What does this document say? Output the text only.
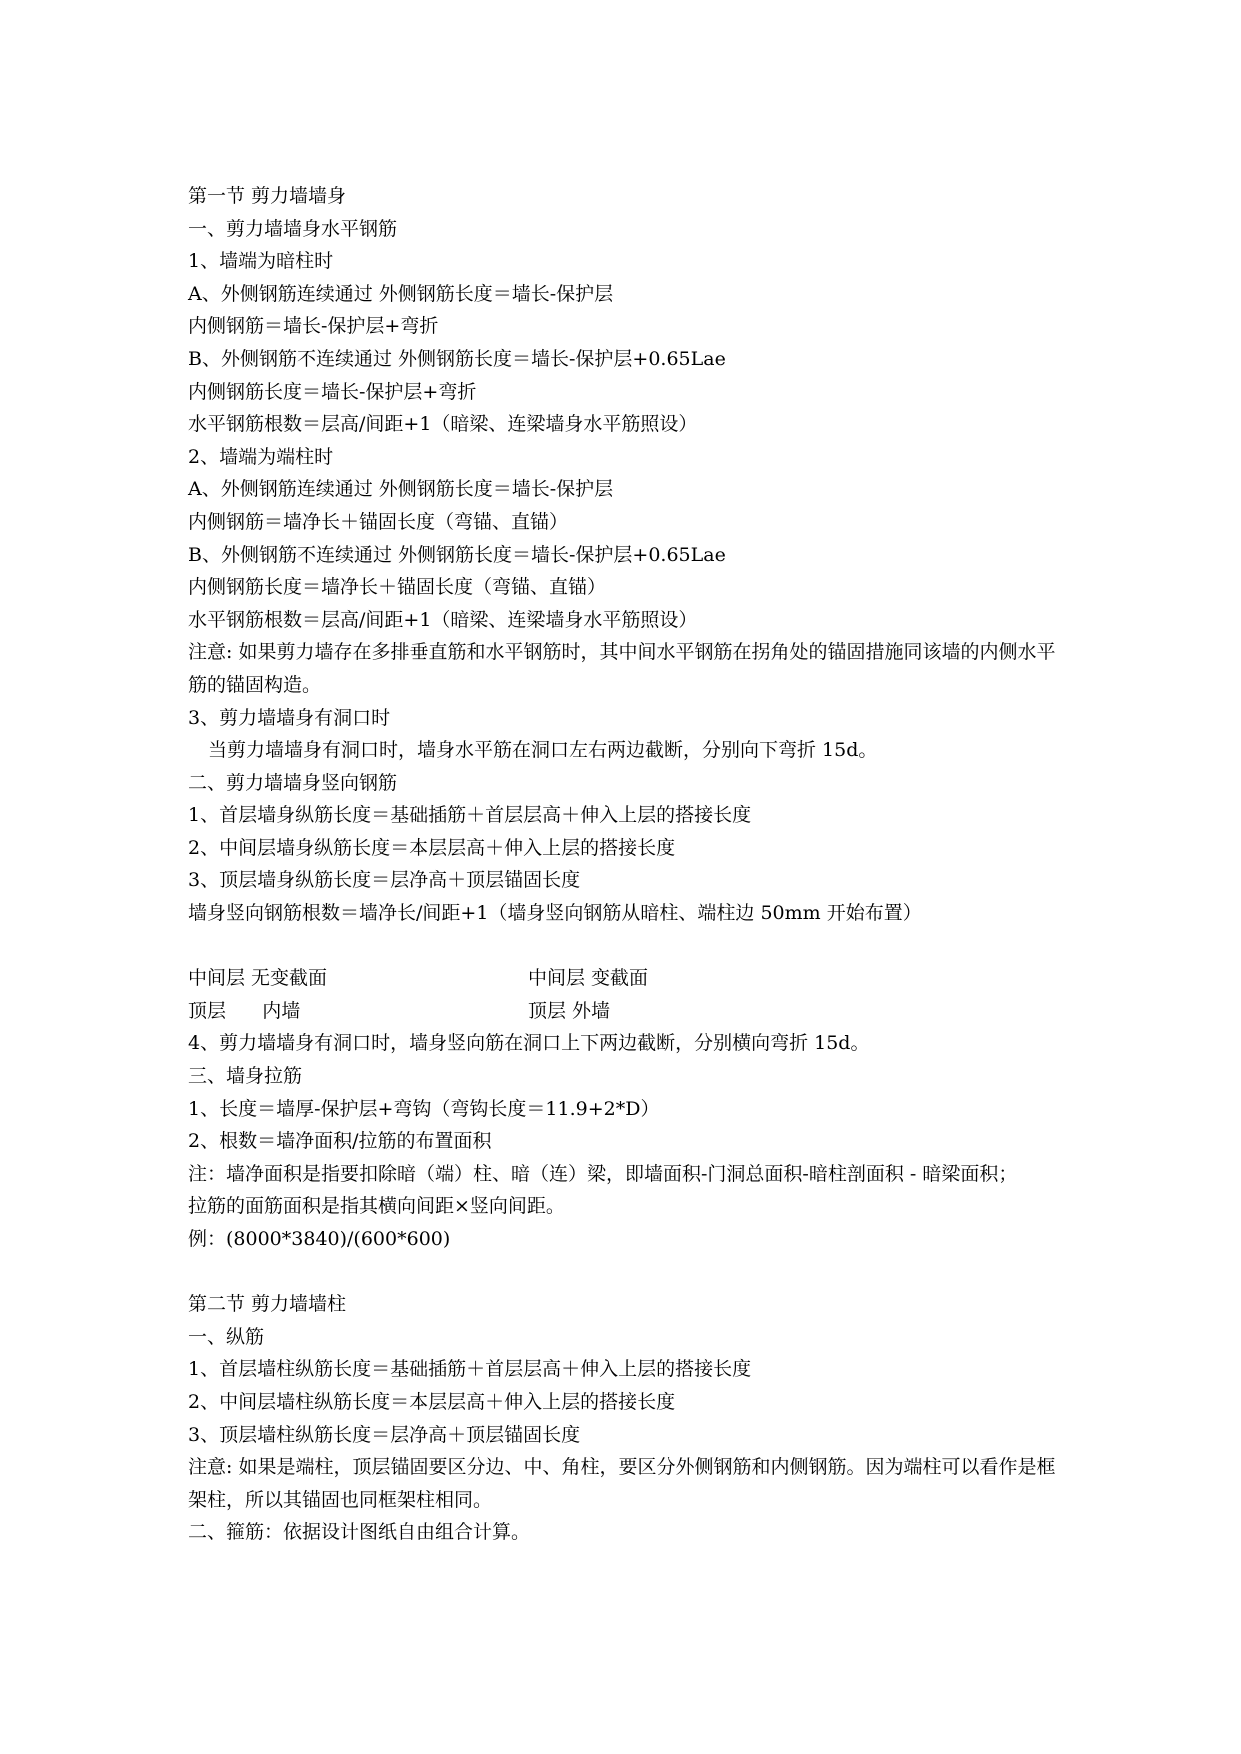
第一节 剪力墙墙身
一、剪力墙墙身水平钢筋
1、墙端为暗柱时
A、外侧钢筋连续通过 外侧钢筋长度＝墙长-保护层
内侧钢筋＝墙长-保护层+弯折
B、外侧钢筋不连续通过 外侧钢筋长度＝墙长-保护层+0.65Lae
内侧钢筋长度＝墙长-保护层+弯折
水平钢筋根数＝层高/间距+1（暗梁、连梁墙身水平筋照设）
2、墙端为端柱时
A、外侧钢筋连续通过 外侧钢筋长度＝墙长-保护层
内侧钢筋＝墙净长＋锚固长度（弯锚、直锚）
B、外侧钢筋不连续通过 外侧钢筋长度＝墙长-保护层+0.65Lae
内侧钢筋长度＝墙净长＋锚固长度（弯锚、直锚）
水平钢筋根数＝层高/间距+1（暗梁、连梁墙身水平筋照设）
注意: 如果剪力墙存在多排垂直筋和水平钢筋时，其中间水平钢筋在拐角处的锚固措施同该墙的内侧水平筋的锚固构造。
3、剪力墙墙身有洞口时
当剪力墙墙身有洞口时，墙身水平筋在洞口左右两边截断，分别向下弯折 15d。
二、剪力墙墙身竖向钢筋
1、首层墙身纵筋长度＝基础插筋＋首层层高＋伸入上层的搭接长度
2、中间层墙身纵筋长度＝本层层高＋伸入上层的搭接长度
3、顶层墙身纵筋长度＝层净高＋顶层锚固长度
墙身竖向钢筋根数＝墙净长/间距+1（墙身竖向钢筋从暗柱、端柱边 50mm 开始布置）
中间层 无变截面	中间层 变截面
顶层      内墙	顶层 外墙
4、剪力墙墙身有洞口时，墙身竖向筋在洞口上下两边截断，分别横向弯折 15d。
三、墙身拉筋
1、长度＝墙厚-保护层+弯钩（弯钩长度＝11.9+2*D）
2、根数＝墙净面积/拉筋的布置面积
注：墙净面积是指要扣除暗（端）柱、暗（连）梁，即墙面积-门洞总面积-暗柱剖面积 - 暗梁面积；
拉筋的面筋面积是指其横向间距×竖向间距。
例：(8000*3840)/(600*600)
第二节 剪力墙墙柱
一、纵筋
1、首层墙柱纵筋长度＝基础插筋＋首层层高＋伸入上层的搭接长度
2、中间层墙柱纵筋长度＝本层层高＋伸入上层的搭接长度
3、顶层墙柱纵筋长度＝层净高＋顶层锚固长度
注意: 如果是端柱，顶层锚固要区分边、中、角柱，要区分外侧钢筋和内侧钢筋。因为端柱可以看作是框架柱，所以其锚固也同框架柱相同。
二、箍筋：依据设计图纸自由组合计算。
